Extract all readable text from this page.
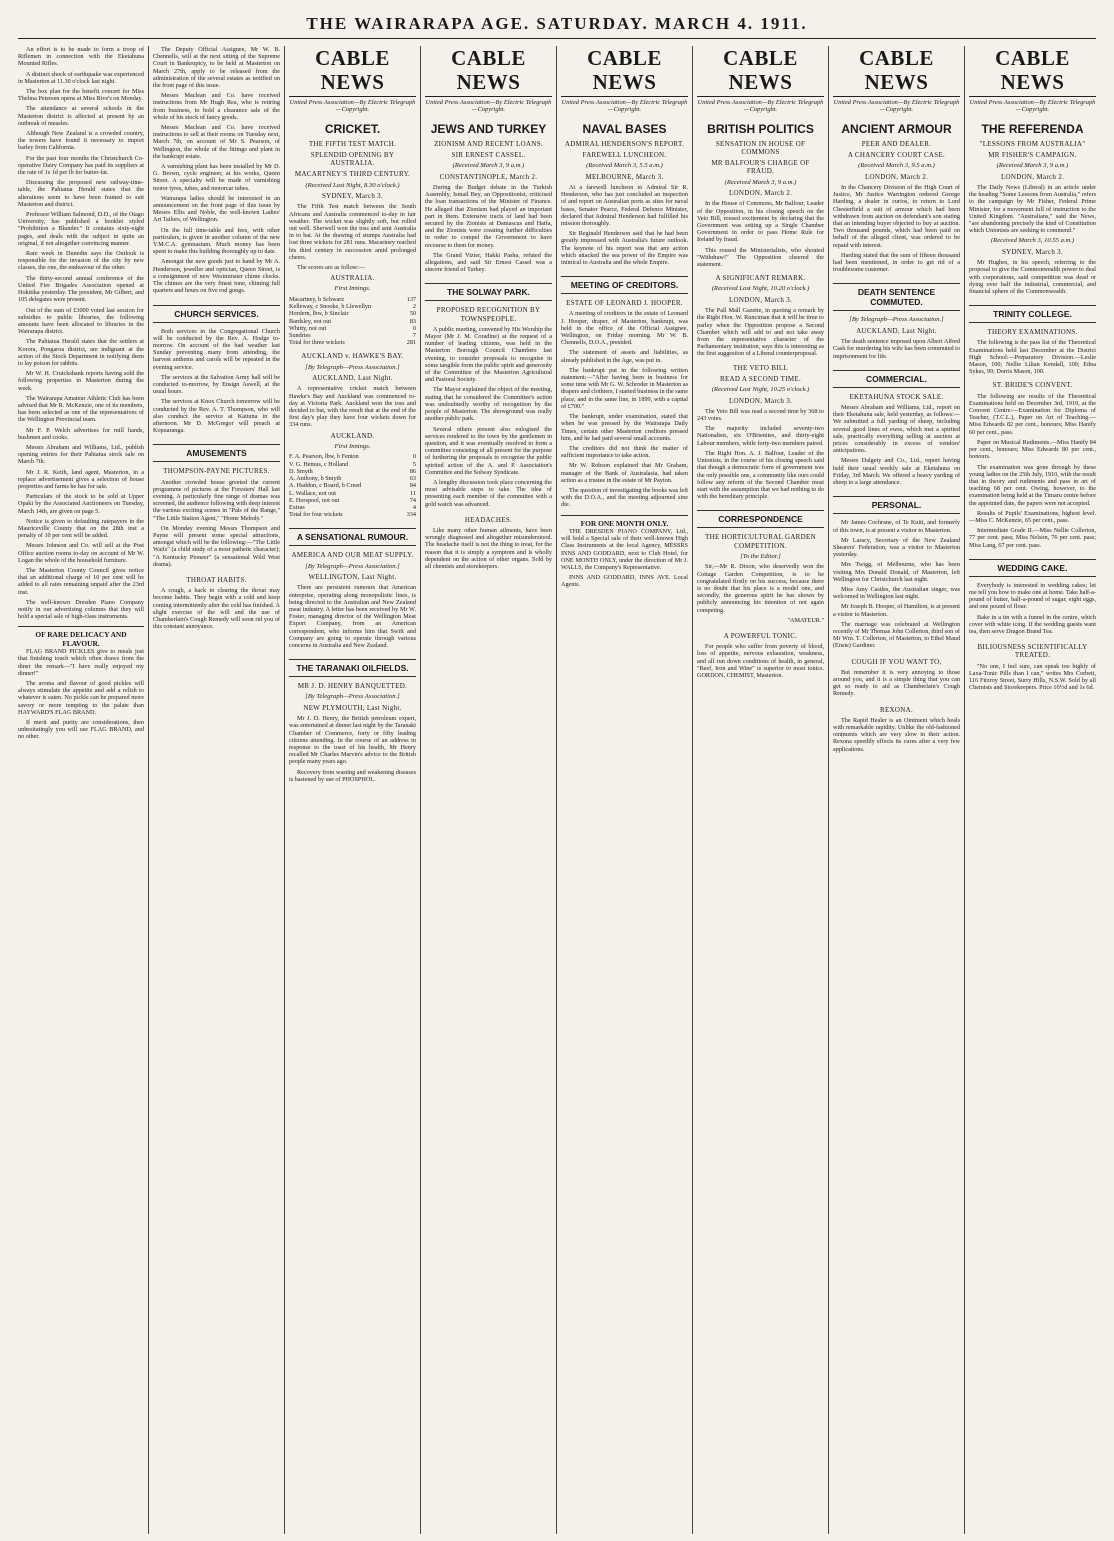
THE WAIRARAPA AGE. SATURDAY. MARCH 4. 1911.

An effort is to be made to form a troop of Riflemen in connection with the Eketahuna Mounted Rifles.

A distinct shock of earthquake was experienced in Masterton at 11.30 o'clock last night.

The box plan for the benefit concert for Miss Thelma Petersen opens at Miss Rive's on Monday.

The attendance at several schools in the Masterton district is affected at present by an outbreak of measles.

Although New Zealand is a crowded country, the towers have found it necessary to import barley from California.

For the past four months the Christchurch Co-operative Dairy Company has paid its suppliers at the rate of 1s 1d per lb for butter-fat.

Discussing the proposed new railway-time-table, the Pahiatua Herald states that the alterations seem to have been framed to suit Masterton and district.

Professor William Salmond, D.D., of the Otago University, has published a booklet styled "Prohibition a Blunder." It contains sixty-eight pages, and deals with the subject in quite an original, if not altogether convincing manner.

Rare week in Dunedin says the Outlook is responsible for the invasion of the city by new classes, the one, the endeavour of the other.

The thirty-second annual conference of the United Fire Brigades Association opened at Hokitika yesterday. The president, Mr Gilbert, and 105 delegates were present.

Out of the sum of £3000 voted last session for subsidies to public libraries, the following amounts have been allocated to libraries in the Wairarapa district.

The Pahiatua Herald states that the settlers at Korora, Pongaroa district, are indignant at the action of the Stock Department in notifying them to lay poison for rabbits.

Mr W. H. Cruickshank reports having sold the following properties in Masterton during the week.

The Wairarapa Amateur Athletic Club has been advised that Mr R. McKenzie, one of its members, has been selected as one of the representatives of the Wellington Provincial team.

Mr F. P. Welch advertises for mill hands, bushmen and cooks.

Messrs Abraham and Williams, Ltd., publish opening entries for their Pahiatua stock sale on March 7th.

Mr J. R. Keith, land agent, Masterton, in a replace advertisement gives a selection of house properties and farms he has for sale.

Particulars of the stock to be sold at Upper Opaki by the Associated Auctioneers on Tuesday, March 14th, are given on page 5.

Notice is given to defaulting ratepayers in the Mauriceville County that on the 28th inst a penalty of 10 per cent will be added.

Messrs Johnson and Co. will sell at the Post Office auction rooms to-day on account of Mr W. Logan the whole of the household furniture.

The Masterton County Council gives notice that an additional charge of 10 per cent will be added to all rates remaining unpaid after the 23rd inst.

The well-known Dresden Piano Company notify in our advertising columns that they will hold a special sale of high-class instruments.

OF RARE DELICACY AND FLAVOUR.

FLAG BRAND PICKLES give to meals just that finishing touch which often draws from the diner the remark—"I have really enjoyed my dinner!"

The aroma and flavour of good pickles will always stimulate the appetite and add a relish to whatever is eaten. No pickle can be prepared more savory or more tempting to the palate than HAYWARD'S FLAG BRAND.

If merit and purity are considerations, then unhesitatingly you will use FLAG BRAND, and no other.

The Deputy Official Assignee, Mr W. B. Chennells, will at the next sitting of the Supreme Court in Bankruptcy, to be held at Masterton on March 27th, apply to be released from the administration of the several estates as notified on the front page of this issue.

Messrs Maclean and Co. have received instructions from Mr Hugh Rea, who is retiring from business, to hold a clearance sale of the whole of his stock of fancy goods.

Messrs Maclean and Co. have received instructions to sell at their rooms on Tuesday next, March 7th, on account of Mr S. Pearson, of Wellington, the whole of the fittings and plant in the bankrupt estate.

A varnishing plant has been installed by Mr D. G. Brown, cycle engineer, at his works, Queen Street. A specialty will be made of varnishing motor tyres, tubes, and motorcar tubes.

Wairarapa ladies should be interested in an announcement on the front page of this issue by Messrs Ellis and Noble, the well-known Ladies' Art Tailors, of Wellington.

On the full time-table and fees, with other particulars, is given in another column of the new Y.M.C.A. gymnasium. Much money has been spent to make this building thoroughly up to date.

Amongst the new goods just to hand by Mr A. Henderson, jeweller and optician, Queen Street, is a consignment of new Westminster chime clocks. The chimes are the very finest tone, chiming full quarters and hours on five rod gongs.

CHURCH SERVICES.

Both services in the Congregational Church will be conducted by the Rev. A. Hodge to-morrow. On account of the bad weather last Sunday preventing many from attending, the harvest anthems and carols will be repeated in the evening service.

The services at the Salvation Army hall will be conducted to-morrow, by Ensign Aswell, at the usual hours.

The services at Knox Church tomorrow will be conducted by the Rev. A. T. Thompson, who will also conduct the service at Kaituna in the afternoon. Mr D. McGregor will preach at Kopuaranga.

AMUSEMENTS
THOMPSON-PAYNE PICTURES.

Another crowded house greeted the current programme of pictures at the Foresters' Hall last evening. A particularly fine range of dramas was screened, the audience following with deep interest the various exciting scenes in "Pals of the Range," "The Little Station Agent," "Home Melody."

On Monday evening Messrs Thompson and Payne will present some special attractions, amongst which will be the following:—"The Little Waifs" (a child study of a most pathetic character); "A Kentucky Pioneer" (a sensational Wild West drama).

THROAT HABITS.

A cough, a hack in clearing the throat may become habits. They begin with a cold and keep coming intermittently after the cold has finished. A slight exercise of the will and the use of Chamberlain's Cough Remedy will soon rid you of this constant annoyance.

CABLE NEWS
United Press Association—By Electric Telegraph—Copyright.
CRICKET.
THE FIFTH TEST MATCH.
SPLENDID OPENING BY AUSTRALIA.
MACARTNEY'S THIRD CENTURY.
(Received Last Night, 8.30 o'clock.)
SYDNEY, March 3.

The Fifth Test match between the South Africans and Australia commenced to-day in fair weather. The wicket was slightly soft, but rolled out well. Sherwell won the toss and sent Australia in to bat. At the drawing of stumps Australia had lost three wickets for 281 runs. Macartney reached his third century in succession amid prolonged cheers.

The scores are as follow:—

AUSTRALIA.
First Innings.
Macartney, b Schwarz	137
Kelleway, c Snooke, b Llewellyn	2
Hordern, lbw, b Sinclair	50
Bardsley, not out	83
Whitty, not out	0
Sundries	7
Total for three wickets	281
AUCKLAND v. HAWKE'S BAY.
[By Telegraph—Press Association.]
AUCKLAND, Last Night.

A representative cricket match between Hawke's Bay and Auckland was commenced to-day at Victoria Park. Auckland won the toss and decided to bat, with the result that at the end of the first day's play they have four wickets down for 334 runs.

AUCKLAND.
First Innings.
F. A. Pearson, lbw, b Fenton	0
V. G. Hemus, c Holland	5
D. Smyth	86
A. Anthony, b Smyth	63
A. Haddon, c Board, b Creed	84
L. Wallace, not out	11
E. Horspool, not out	74
Extras	4
Total for four wickets	334
A SENSATIONAL RUMOUR.
AMERICA AND OUR MEAT SUPPLY.
[By Telegraph—Press Association.]
WELLINGTON, Last Night.

There are persistent rumours that American enterprise, operating along monopolistic lines, is being directed to the Australian and New Zealand meat industry. A letter has been received by Mr W. Foster, managing director of the Wellington Meat Export Company, from an American correspondent, who informs him that Swift and Company are going to operate through various concerns in Australia and New Zealand.

THE TARANAKI OILFIELDS.
MR J. D. HENRY BANQUETTED.
[By Telegraph—Press Association.]
NEW PLYMOUTH, Last Night.

Mr J. D. Henry, the British petroleum expert, was entertained at dinner last night by the Taranaki Chamber of Commerce, forty or fifty leading citizens attending. In the course of an address in response to the toast of his health, Mr Henry recalled Mr Charles Marvin's advice to the British people many years ago.

Recovery from wasting and weakening diseases is hastened by use of PHOSPHOL.

CABLE NEWS
United Press Association—By Electric Telegraph—Copyright.
JEWS AND TURKEY
ZIONISM AND RECENT LOANS.
SIR ERNEST CASSEL.
(Received March 3, 9 a.m.)
CONSTANTINOPLE, March 2.

During the Budget debate in the Turkish Assembly, Ismail Bey, an Oppositionist, criticised the loan transactions of the Minister of Finance. He alleged that Zionism had played an important part in them. Extensive tracts of land had been secured by the Zionists at Damascus and Haifa, and the Zionists were creating further difficulties in order to compel the Government to have recourse to them for money.

The Grand Vizier, Hakki Pasha, refuted the allegations, and said Sir Ernest Cassel was a sincere friend of Turkey.

THE SOLWAY PARK.
PROPOSED RECOGNITION BY TOWNSPEOPLE.

A public meeting, convened by His Worship the Mayor (Mr J. M. Coradine) at the request of a number of leading citizens, was held in the Masterton Borough Council Chambers last evening, to consider proposals to recognise in some tangible form the public spirit and generosity of the Committee of the Masterton Agricultural and Pastoral Society.

The Mayor explained the object of the meeting, stating that he considered the Committee's action was undoubtedly worthy of recognition by the people of Masterton. The showground was really another public park.

Several others present also eulogised the services rendered to the town by the gentlemen in question, and it was eventually resolved to form a committee consisting of all present for the purpose of furthering the proposals to recognise the public spirited action of the A. and P. Association's Committee and the Solway Syndicate.

A lengthy discussion took place concerning the most advisable steps to take. The idea of presenting each member of the committee with a gold watch was advanced.

HEADACHES.

Like many other human ailments, have been wrongly diagnosed and altogether misunderstood. The headache itself is not the thing to treat, for the reason that it is simply a symptom and is wholly dependent on the action of other organs. Sold by all chemists and storekeepers.

CABLE NEWS
United Press Association—By Electric Telegraph—Copyright.
NAVAL BASES
ADMIRAL HENDERSON'S REPORT.
FAREWELL LUNCHEON.
(Received March 3, 5.5 a.m.)
MELBOURNE, March 3.

At a farewell luncheon to Admiral Sir R. Henderson, who has just concluded an inspection of and report on Australian ports as sites for naval bases, Senator Pearce, Federal Defence Minister, declared that Admiral Henderson had fulfilled his mission thoroughly.

Sir Reginald Henderson said that he had been greatly impressed with Australia's future outlook. The keynote of his report was that any action which attacked the sea power of the Empire was inimical to Australia and the whole Empire.

MEETING OF CREDITORS.
ESTATE OF LEONARD J. HOOPER.

A meeting of creditors in the estate of Leonard J. Hooper, draper, of Masterton, bankrupt, was held in the office of the Official Assignee, Wellington, on Friday morning. Mr W. B. Chennells, D.O.A., presided.

The statement of assets and liabilities, as already published in the Age, was put in.

The bankrupt put in the following written statement:—"After having been in business for some time with Mr G. W. Schroder in Masterton as drapers and clothiers, I started business in the same place, and in the same line, in 1899, with a capital of £700."

The bankrupt, under examination, stated that when he was pressed by the Wairarapa Daily Times, certain other Masterton creditors pressed him, and he had paid several small accounts.

The creditors did not think the matter of sufficient importance to take action.

Mr W. Robson explained that Mr Graham, manager of the Bank of Australasia, had taken action as a trustee in the estate of Mr Payton.

The question of investigating the books was left with the D.O.A., and the meeting adjourned sine die.

FOR ONE MONTH ONLY.

THE DRESDEN PIANO COMPANY, Ltd., will hold a Special sale of their well-known High Class Instruments at the local Agency, MESSRS INNS AND GODDARD, next to Club Hotel, for ONE MONTH ONLY, under the direction of Mr J. WALLS, the Company's Representative.

INNS AND GODDARD, INNS AVE. Local Agents.

CABLE NEWS
United Press Association—By Electric Telegraph—Copyright.
BRITISH POLITICS
SENSATION IN HOUSE OF COMMONS
MR BALFOUR'S CHARGE OF FRAUD.
(Received March 3, 9 a.m.)
LONDON, March 2.

In the House of Commons, Mr Balfour, Leader of the Opposition, in his closing speech on the Veto Bill, roused excitement by declaring that the Government was setting up a Single Chamber Government in order to pass Home Rule for Ireland by fraud.

This roused the Ministerialists, who shouted "Withdraw!" The Opposition cheered the statement.

A SIGNIFICANT REMARK.
(Received Last Night, 10.20 o'clock.)
LONDON, March 3.

The Pall Mall Gazette, in quoting a remark by the Right Hon. W. Runciman that it will be time to parley when the Opposition propose a Second Chamber which will add to and not take away from the representative character of the Parliamentary institution, says this is interesting as the first suggestion of a Liberal counterproposal.

THE VETO BILL
READ A SECOND TIME.
(Received Last Night, 10.25 o'clock.)
LONDON, March 3.

The Veto Bill was read a second time by 368 to 243 votes.

The majority included seventy-two Nationalists, six O'Brienites, and thirty-eight Labour members, while forty-two members paired.

The Right Hon. A. J. Balfour, Leader of the Unionists, in the course of his closing speech said that though a democratic form of government was the only possible one, a community like ours could follow any reform of the Second Chamber most start with the assumption that we had nothing to do with the hereditary principle.

CORRESPONDENCE
THE HORTICULTURAL GARDEN COMPETITION.
[To the Editor.]

Sir,—Mr R. Dixon, who deservedly won the Cottage Garden Competition, is to be congratulated firstly on his success, because there is no doubt that his place is a model one, and secondly, the generous spirit he has shown by publicly announcing his intention of not again competing.

"AMATEUR."

A POWERFUL TONIC.

For people who suffer from poverty of blood, loss of appetite, nervous exhaustion, weakness, and all run down conditions of health, in general, "Beef, Iron and Wine" is superior to most tonics. GORDON, CHEMIST, Masterton.

CABLE NEWS
United Press Association—By Electric Telegraph—Copyright.
ANCIENT ARMOUR
PEER AND DEALER.
A CHANCERY COURT CASE.
(Received March 3, 9.5 a.m.)
LONDON, March 2.

In the Chancery Division of the High Court of Justice, Mr Justice Warrington ordered George Harding, a dealer in curios, to return to Lord Chesterfield a suit of armour which had been withdrawn from auction on defendant's son stating that an intending buyer objected to buy at auction. Two thousand pounds, which had been paid on behalf of the alleged client, was ordered to be repaid with interest.

Harding stated that the sum of fifteen thousand had been mentioned, in order to get rid of a troublesome customer.

DEATH SENTENCE COMMUTED.
[By Telegraph—Press Association.]
AUCKLAND, Last Night.

The death sentence imposed upon Albert Alfred Cash for murdering his wife has been commuted to imprisonment for life.

COMMERCIAL.
EKETAHUNA STOCK SALE.

Messrs Abraham and Williams, Ltd., report on their Eketahuna sale, held yesterday, as follows:—We submitted a full yarding of sheep, including several good lines of ewes, which met a spirited sale, practically everything selling at auction at prices considerably in excess of vendors' anticipations.

Messrs Dalgety and Co., Ltd., report having held their usual weekly sale at Eketahuna on Friday, 3rd March. We offered a heavy yarding of sheep to a large attendance.

PERSONAL.

Mr James Cochrane, of Te Kuiti, and formerly of this town, is at present a visitor to Masterton.

Mr Laracy, Secretary of the New Zealand Shearers' Federation, was a visitor to Masterton yesterday.

Mrs Twigg, of Melbourne, who has been visiting Mrs Donald Donald, of Masterton, left Wellington for Christchurch last night.

Miss Amy Castles, the Australian singer, was welcomed in Wellington last night.

Mr Joseph B. Hooper, of Hamilton, is at present a visitor to Masterton.

The marriage was celebrated at Wellington recently of Mr Thomas John Collerton, third son of Mr Wm. T. Collerton, of Masterton, to Ethel Maud (Ensie) Gardiner.

COUGH IF YOU WANT TO,

But remember it is very annoying to those around you, and it is a simple thing that you can get so ready to aid as Chamberlain's Cough Remedy.

REXONA.

The Rapid Healer is an Ointment which heals with remarkable rapidity. Unlike the old-fashioned ointments which are very slow in their action. Rexona speedily effects its cures after a very few applications.

CABLE NEWS
United Press Association—By Electric Telegraph—Copyright.
THE REFERENDA
"LESSONS FROM AUSTRALIA"
MR FISHER'S CAMPAIGN.
(Received March 3, 9 a.m.)
LONDON, March 2.

The Daily News (Liberal) in an article under the heading "Some Lessons from Australia," refers to the campaign by Mr Fisher, Federal Prime Minister, for a movement full of instruction to the United Kingdom. "Australians," said the News, "are abandoning precisely the kind of Constitution which Unionists are seeking to commend."

(Received March 3, 10.55 a.m.)
SYDNEY, March 3.

Mr Hughes, in his speech, referring to the proposal to give the Commonwealth power to deal with corporations, said competition was dead or dying over half the industrial, commercial, and financial sphere of the Commonwealth.

TRINITY COLLEGE.
THEORY EXAMINATIONS.

The following is the pass list of the Theoretical Examinations held last December at the District High School:—Preparatory Division.—Leslie Mason, 100; Nellie Lilian Kendall, 100; Edna Sykes, 99; Dorris Mason, 100.

ST. BRIDE'S CONVENT.

The following are results of the Theoretical Examinations held on December 3rd, 1910, at the Convent Centre:—Examination for Diploma of Teacher, (T.C.L.), Paper on Art of Teaching.—Miss Edwards 82 per cent., honours; Miss Hanify 60 per cent., pass.

Paper on Musical Rudiments.—Miss Hanify 84 per cent., honours; Miss Edwards 80 per cent., honours.

The examination was gone through by these young ladies on the 25th July, 1910, with the result that in theory and rudiments and pass in art of teaching 68 per cent. Owing, however, to the examination being held at the Timaru centre before the appointed date, the papers were not accepted.

Results of Pupils' Examinations, highest level.—Miss C. McKenzie, 65 per cent., pass.

Intermediate Grade II.—Miss Nellie Collerton, 77 per cent. pass; Miss Nelson, 76 per cent. pass; Miss Lang, 67 per cent. pass.

WEDDING CAKE.

Everybody is interested in wedding cakes; let me tell you how to make one at home. Take half-a-pound of butter, half-a-pound of sugar, eight eggs, and one pound of flour.

Bake in a tin with a funnel in the centre, which cover with white icing. If the wedding guests want tea, then serve Dragon Brand Tea.

BILIOUSNESS SCIENTIFICALLY TREATED.

"No one, I feel sure, can speak too highly of Laxa-Tonic Pills than I can," writes Mrs Corbett, 116 Fitzroy Street, Surry Hills, N.S.W. Sold by all Chemists and Storekeepers. Price 10½d and 1s 6d.
